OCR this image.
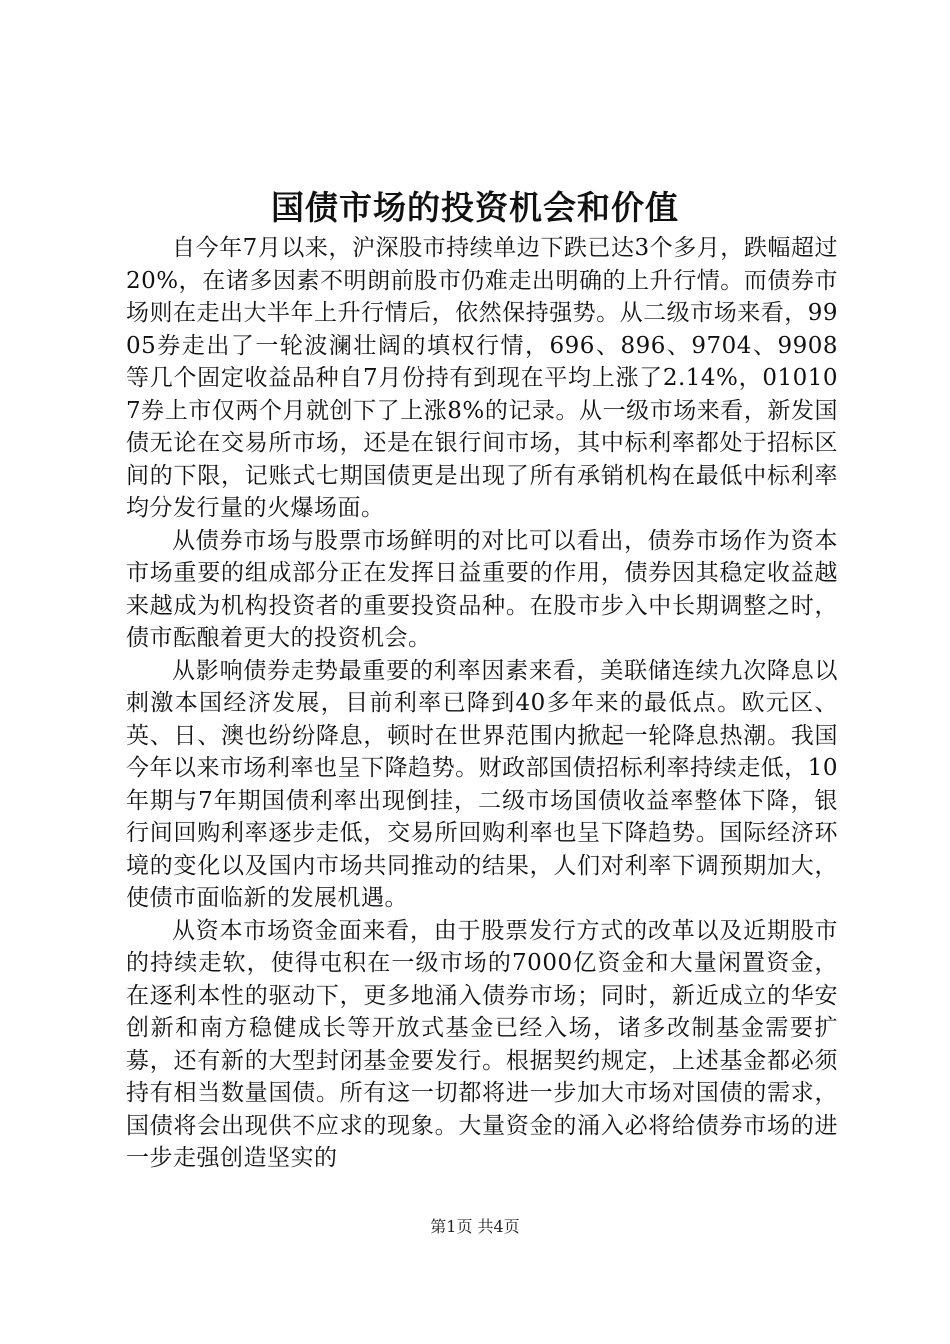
国债市场的投资机会和价值

自今年7月以来，沪深股市持续单边下跌已达3个多月，跌幅超过20%，在诸多因素不明朗前股市仍难走出明确的上升行情。而债券市场则在走出大半年上升行情后，依然保持强势。从二级市场来看，9905券走出了一轮波澜壮阔的填权行情，696、896、9704、9908等几个固定收益品种自7月份持有到现在平均上涨了2.14%，010107券上市仅两个月就创下了上涨8%的记录。从一级市场来看，新发国债无论在交易所市场，还是在银行间市场，其中标利率都处于招标区间的下限，记账式七期国债更是出现了所有承销机构在最低中标利率均分发行量的火爆场面。

从债券市场与股票市场鲜明的对比可以看出，债券市场作为资本市场重要的组成部分正在发挥日益重要的作用，债券因其稳定收益越来越成为机构投资者的重要投资品种。在股市步入中长期调整之时，债市酝酿着更大的投资机会。

从影响债券走势最重要的利率因素来看，美联储连续九次降息以刺激本国经济发展，目前利率已降到40多年来的最低点。欧元区、英、日、澳也纷纷降息，顿时在世界范围内掀起一轮降息热潮。我国今年以来市场利率也呈下降趋势。财政部国债招标利率持续走低，10年期与7年期国债利率出现倒挂，二级市场国债收益率整体下降，银行间回购利率逐步走低，交易所回购利率也呈下降趋势。国际经济环境的变化以及国内市场共同推动的结果，人们对利率下调预期加大，使债市面临新的发展机遇。

从资本市场资金面来看，由于股票发行方式的改革以及近期股市的持续走软，使得屯积在一级市场的7000亿资金和大量闲置资金，在逐利本性的驱动下，更多地涌入债券市场；同时，新近成立的华安创新和南方稳健成长等开放式基金已经入场，诸多改制基金需要扩募，还有新的大型封闭基金要发行。根据契约规定，上述基金都必须持有相当数量国债。所有这一切都将进一步加大市场对国债的需求，国债将会出现供不应求的现象。大量资金的涌入必将给债券市场的进一步走强创造坚实的

第1页 共4页
